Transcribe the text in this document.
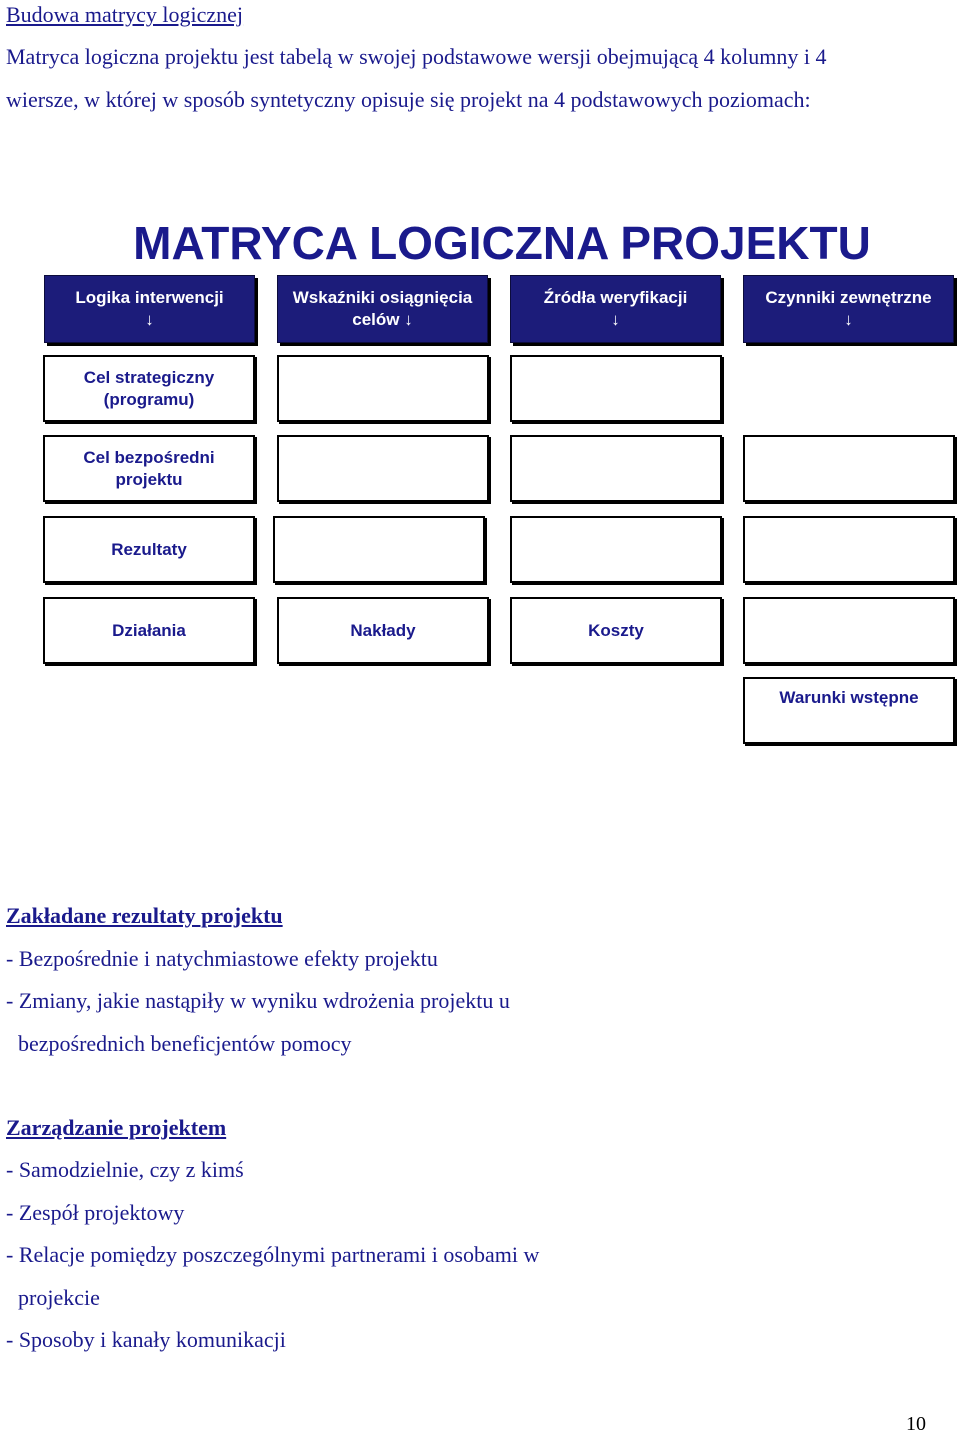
Budowa matrycy logicznej
Matryca logiczna projektu jest tabelą w swojej podstawowe wersji obejmującą 4 kolumny i 4
wiersze, w której w sposób syntetyczny opisuje się projekt na 4 podstawowych poziomach:
MATRYCA LOGICZNA PROJEKTU
Logika interwencji
↓
Wskaźniki osiągnięcia
celów ↓
Źródła weryfikacji
↓
Czynniki zewnętrzne
↓
Cel strategiczny
(programu)
Cel bezpośredni
projektu
Rezultaty
Działania	Nakłady	Koszty
Warunki wstępne
Zakładane rezultaty projektu
- Bezpośrednie i natychmiastowe efekty projektu
- Zmiany, jakie nastąpiły w wyniku wdrożenia projektu u
bezpośrednich beneficjentów pomocy
Zarządzanie projektem
- Samodzielnie, czy z kimś
- Zespół projektowy
- Relacje pomiędzy poszczególnymi partnerami i osobami w
projekcie
- Sposoby i kanały komunikacji
10
